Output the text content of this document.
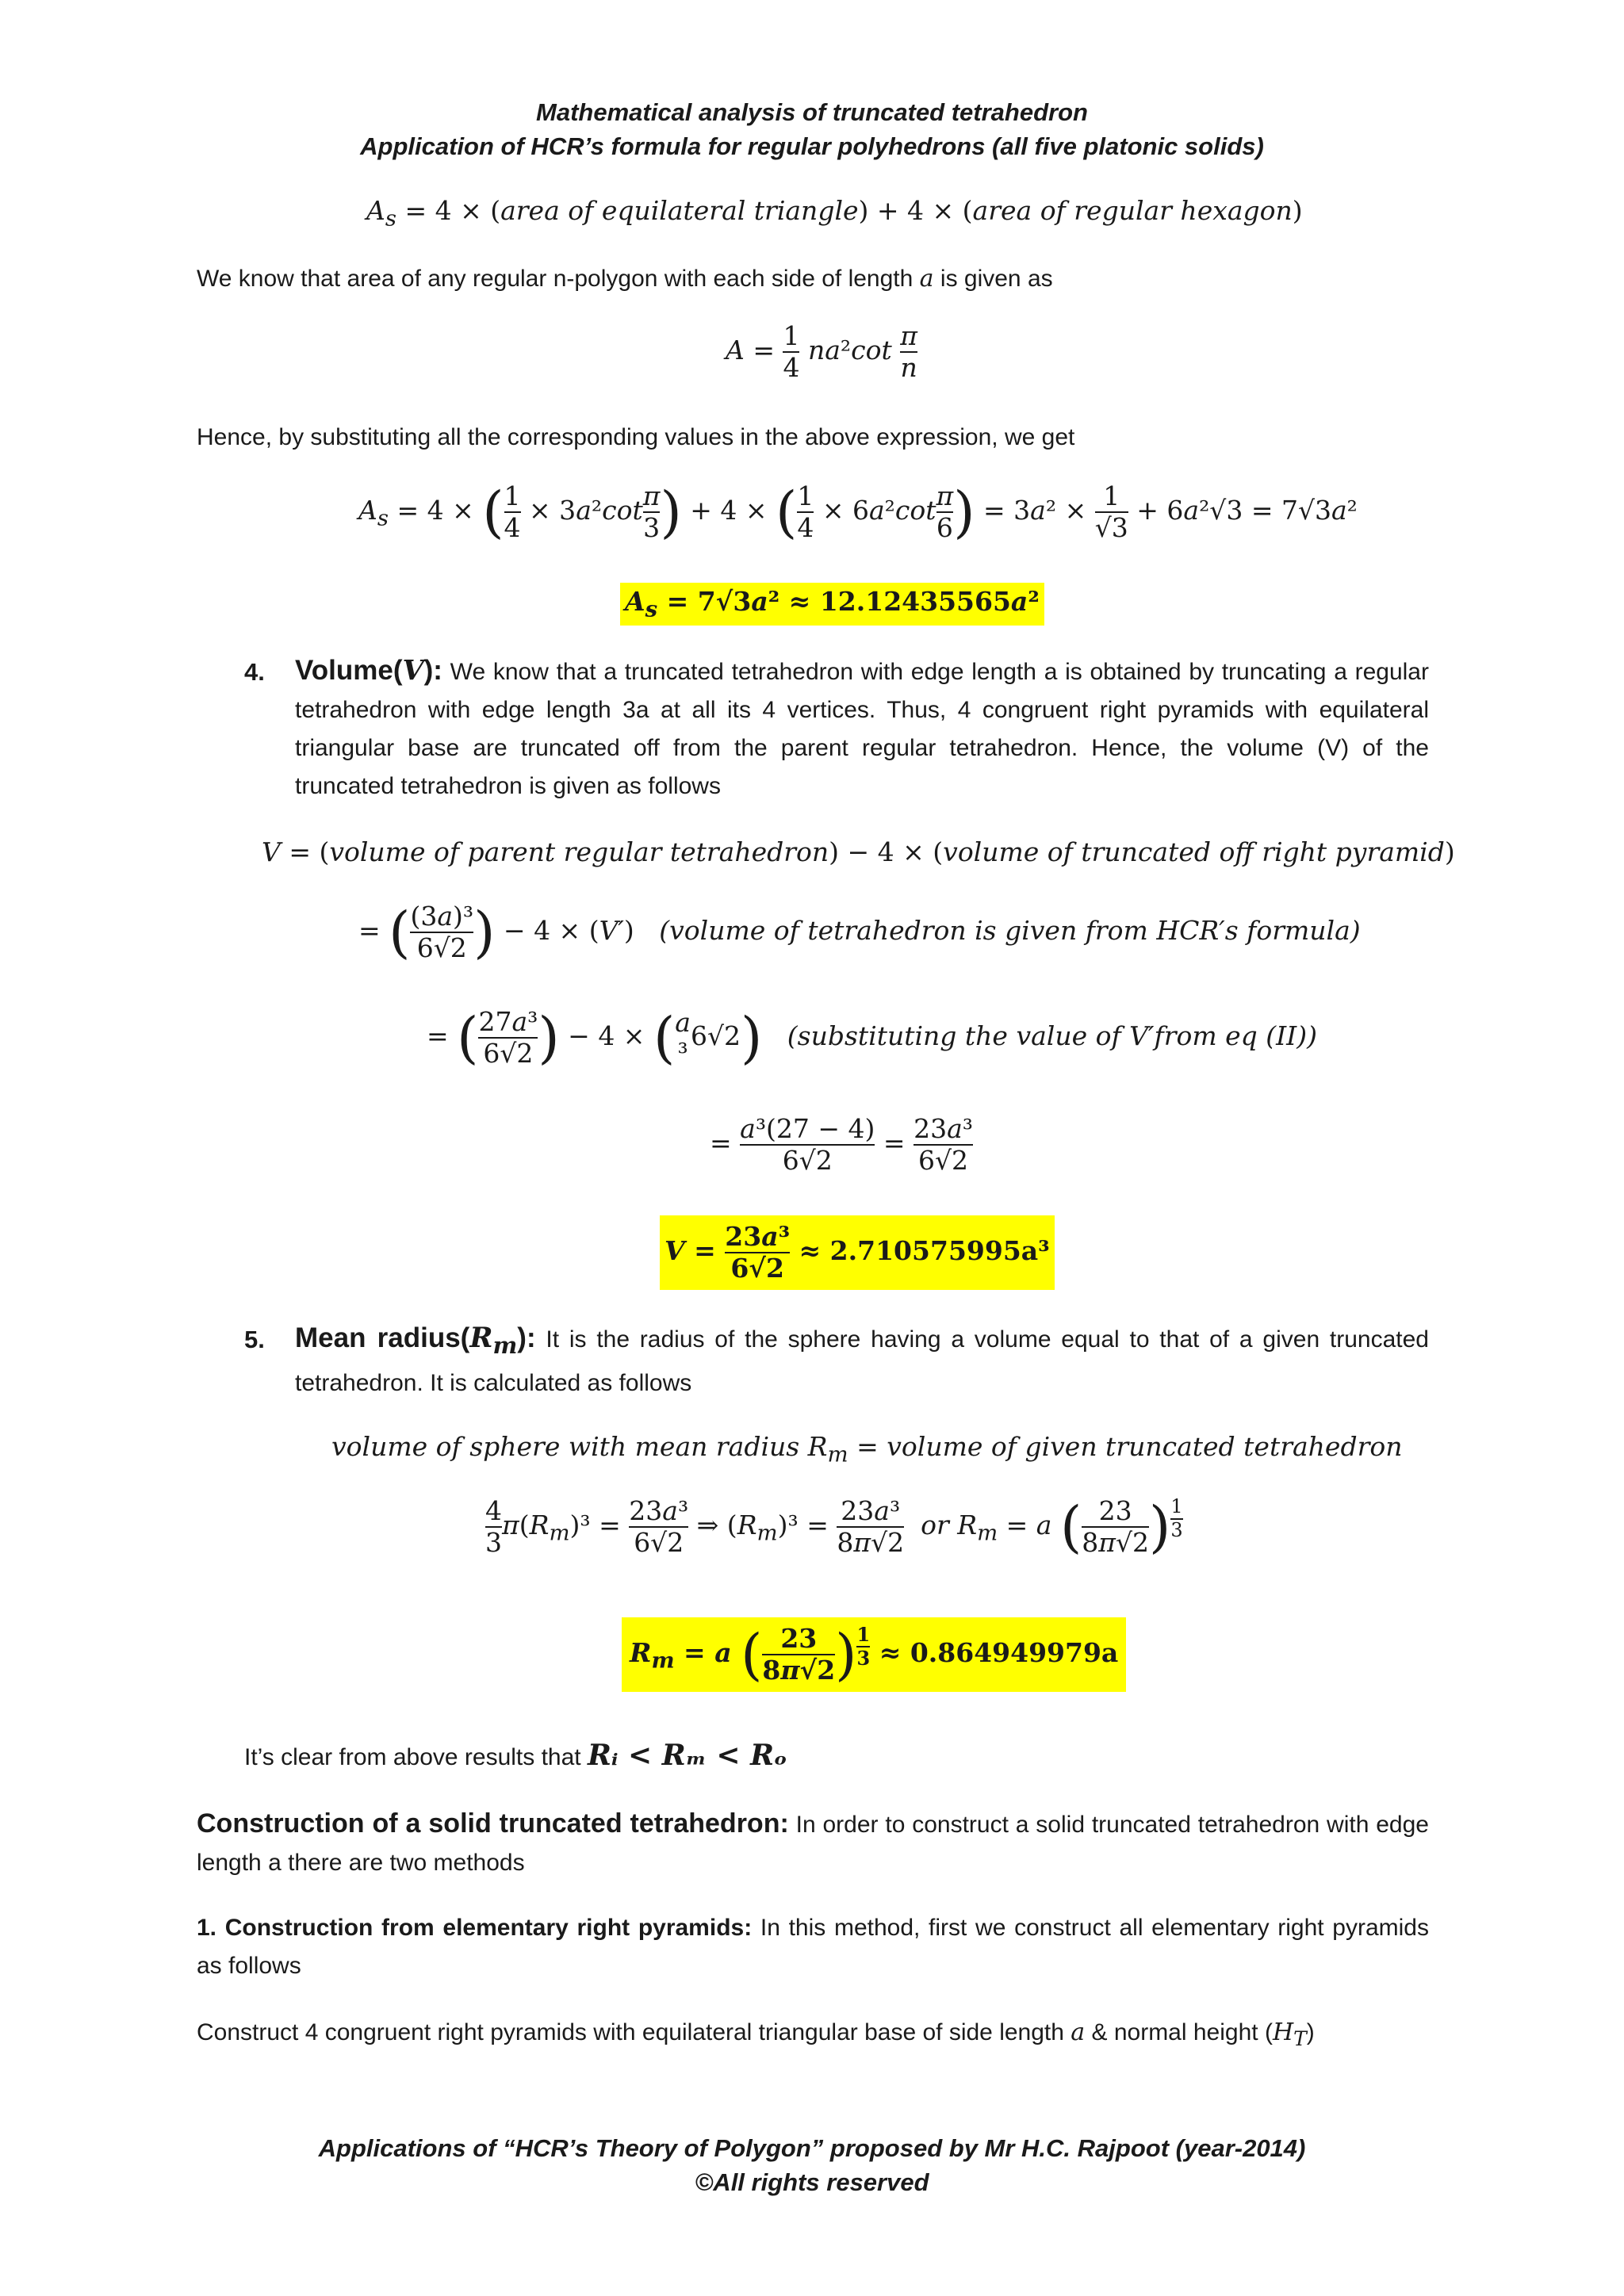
Mathematical analysis of truncated tetrahedron
Application of HCR’s formula for regular polyhedrons (all five platonic solids)
$A_s = 4$ × (area of equilateral triangle) + 4 × (area of regular hexagon)
We know that area of any regular n-polygon with each side of length a is given as
$A = \frac{1}{4} na^2\cot \frac{\pi}{n}$
Hence, by substituting all the corresponding values in the above expression, we get
$A_s = 4$ × ( $\frac{1}{4} \times 3a^2\cot \frac{\pi}{3}$ ) + 4 × ( $\frac{1}{4} \times 6a^2\cot \frac{\pi}{6}$ ) = $3a^2 \times \frac{1}{√3} + 6a^2√3 = 7√3a^2$
$A_s = 7√3a^2 \approx 12.12435565a^2$
4. Volume(V): We know that a truncated tetrahedron with edge length a is obtained by truncating a regular tetrahedron with edge length 3a at all its 4 vertices. Thus, 4 congruent right pyramids with equilateral triangular base are truncated off from the parent regular tetrahedron. Hence, the volume (V) of the truncated tetrahedron is given as follows
V = (volume of parent regular tetrahedron) − 4 × (volume of truncated off right pyramid)
= ( $\frac{\text{(3a)³}}{6√2}$ ) − 4 × (V′)   (volume of tetrahedron is given from HCR′s formula)
= ( $\frac{\text{27a³}}{6√2}$ ) − 4 × ( a
³6√2) (substituting the value of V′from eq (II))
= $\frac{\text{a³(27 − 4)}}{6√2} = \frac{\text{23a³}}{6√2}$
$V = \frac{\text{23a³}}{6√2} \approx 2.710575995a^3$
5. Mean $radius(R_m)$: It is the radius of the sphere having a volume equal to that of a given truncated tetrahedron. It is calculated as follows
volume of sphere with mean radius $R_m$ = volume of given truncated tetrahedron
$\frac{4}{3} \pi(R_m)^3 = \frac{\text{23a³}}{6√2}$ ⇒ $(R_m)^3 = \frac{\text{23a³}}{8\pi√2}$ or $R_m = a$ ( $\frac{23}{8\pi√2}$ ) $^{\frac{1}{3}}$
$R_m = a$ ( $\frac{23}{8\pi√2}$ ) $^{\frac{1}{3}}$ ≈ 0.864949979a
It’s clear from above results that Rᵢ < Rₘ < Rₒ
Construction of a solid truncated tetrahedron: In order to construct a solid truncated tetrahedron with edge length a there are two methods
1. Construction from elementary right pyramids: In this method, first we construct all elementary right pyramids as follows
Construct 4 congruent right pyramids with equilateral triangular base of side length a & normal height $(H_T)$
Applications of “HCR’s Theory of Polygon” proposed by Mr H.C. Rajpoot (year-2014)
©All rights reserved
